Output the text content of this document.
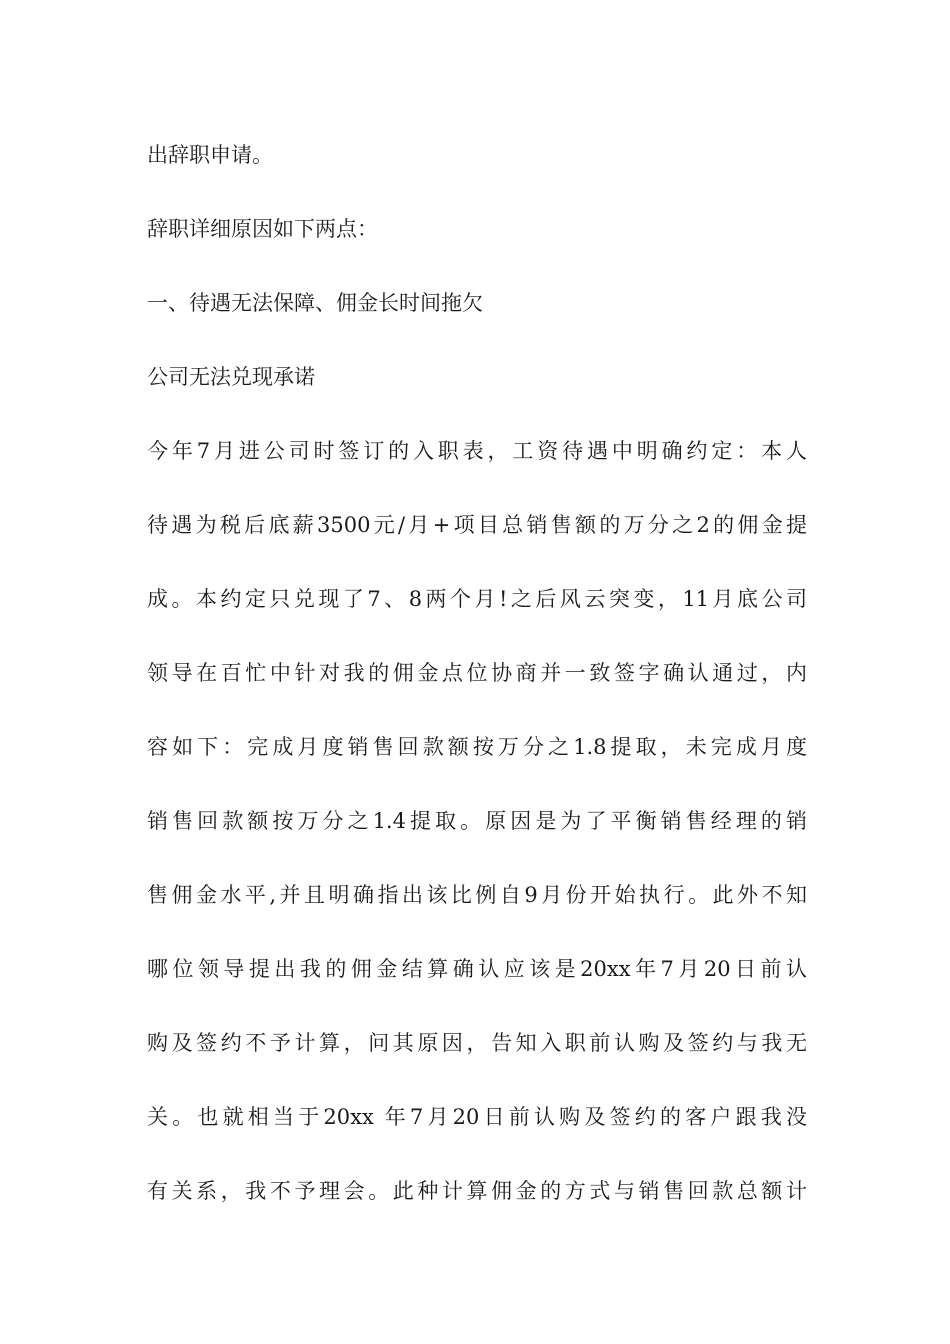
出辞职申请。
辞职详细原因如下两点：
一、待遇无法保障、佣金长时间拖欠
公司无法兑现承诺
今年7月进公司时签订的入职表，工资待遇中明确约定：本人
待遇为税后底薪3500元/月+项目总销售额的万分之2的佣金提
成。本约定只兑现了7、8两个月!之后风云突变，11月底公司
领导在百忙中针对我的佣金点位协商并一致签字确认通过，内
容如下：完成月度销售回款额按万分之1.8提取，未完成月度
销售回款额按万分之1.4提取。原因是为了平衡销售经理的销
售佣金水平,并且明确指出该比例自9月份开始执行。此外不知
哪位领导提出我的佣金结算确认应该是20xx年7月20日前认
购及签约不予计算，问其原因，告知入职前认购及签约与我无
关。也就相当于20xx 年7月20日前认购及签约的客户跟我没
有关系，我不予理会。此种计算佣金的方式与销售回款总额计
